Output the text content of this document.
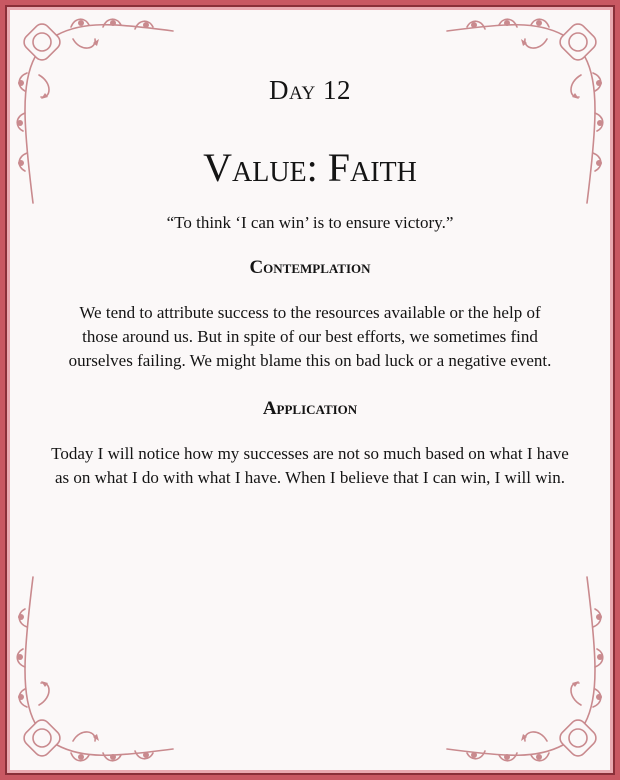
Day 12
Value: Faith
“To think ‘I can win’ is to ensure victory.”
Contemplation
We tend to attribute success to the resources available or the help of those around us. But in spite of our best efforts, we sometimes find ourselves failing. We might blame this on bad luck or a negative event.
Application
Today I will notice how my successes are not so much based on what I have as on what I do with what I have. When I believe that I can win, I will win.
